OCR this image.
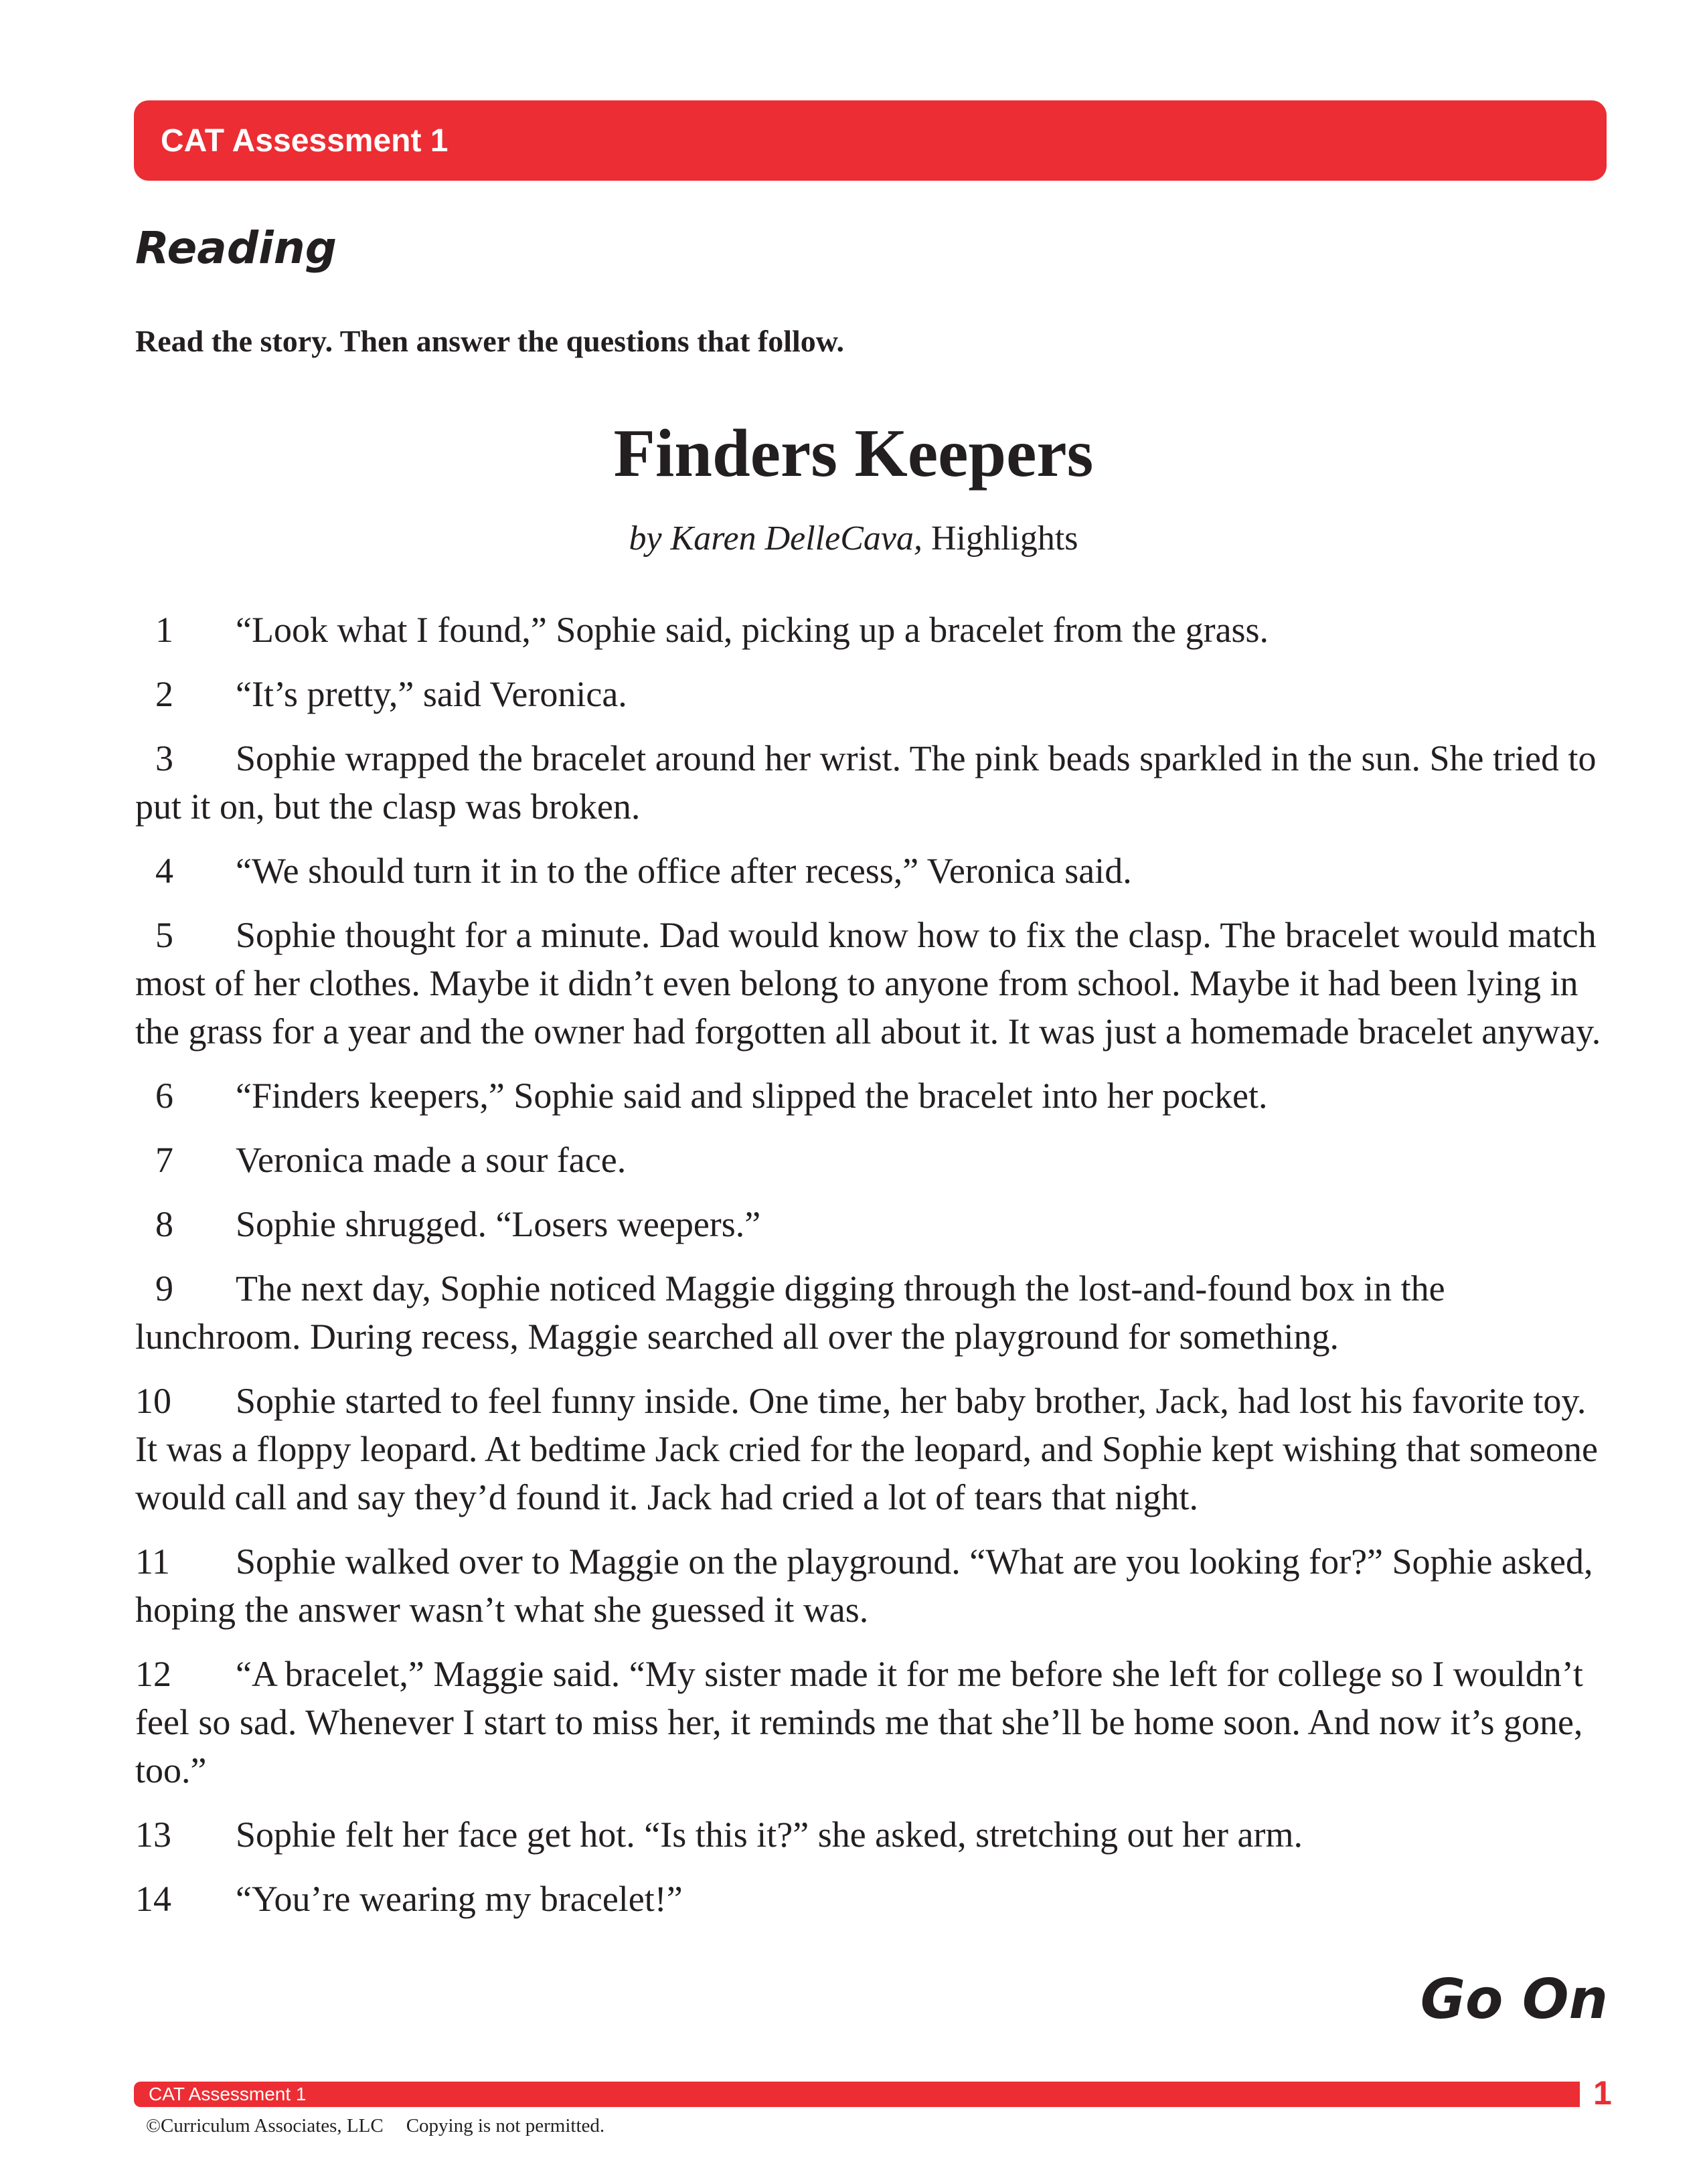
CAT Assessment 1
Reading

Read the story. Then answer the questions that follow.

Finders Keepers

by Karen DelleCava, Highlights

1 “Look what I found,” Sophie said, picking up a bracelet from the grass.

2 “It’s pretty,” said Veronica.

3 Sophie wrapped the bracelet around her wrist. The pink beads sparkled in the sun. She tried to put it on, but the clasp was broken.

4 “We should turn it in to the office after recess,” Veronica said.

5 Sophie thought for a minute. Dad would know how to fix the clasp. The bracelet would match most of her clothes. Maybe it didn’t even belong to anyone from school. Maybe it had been lying in the grass for a year and the owner had forgotten all about it. It was just a homemade bracelet anyway.

6 “Finders keepers,” Sophie said and slipped the bracelet into her pocket.

7 Veronica made a sour face.

8 Sophie shrugged. “Losers weepers.”

9 The next day, Sophie noticed Maggie digging through the lost-and-found box in the lunchroom. During recess, Maggie searched all over the playground for something.

10 Sophie started to feel funny inside. One time, her baby brother, Jack, had lost his favorite toy. It was a floppy leopard. At bedtime Jack cried for the leopard, and Sophie kept wishing that someone would call and say they’d found it. Jack had cried a lot of tears that night.

11 Sophie walked over to Maggie on the playground. “What are you looking for?” Sophie asked, hoping the answer wasn’t what she guessed it was.

12 “A bracelet,” Maggie said. “My sister made it for me before she left for college so I wouldn’t feel so sad. Whenever I start to miss her, it reminds me that she’ll be home soon. And now it’s gone, too.”

13 Sophie felt her face get hot. “Is this it?” she asked, stretching out her arm.

14 “You’re wearing my bracelet!”

Go On

CAT Assessment 1	1
©Curriculum Associates, LLC Copying is not permitted.
